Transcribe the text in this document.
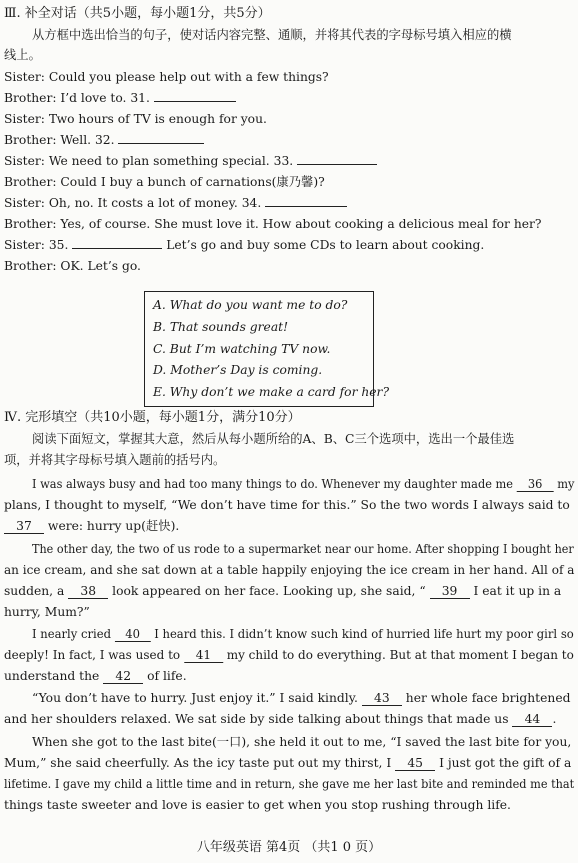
Ⅲ. 补全对话（共5小题，每小题1分，共5分）
从方框中选出恰当的句子，使对话内容完整、通顺，并将其代表的字母标号填入相应的横
线上。
Sister: Could you please help out with a few things?
Brother: I’d love to. 31.
Sister: Two hours of TV is enough for you.
Brother: Well. 32.
Sister: We need to plan something special. 33.
Brother: Could I buy a bunch of carnations(康乃馨)?
Sister: Oh, no. It costs a lot of money. 34.
Brother: Yes, of course. She must love it. How about cooking a delicious meal for her?
Sister: 35.	Let’s go and buy some CDs to learn about cooking.
Brother: OK. Let’s go.
A. What do you want me to do?
B. That sounds great!
C. But I’m watching TV now.
D. Mother’s Day is coming.
E. Why don’t we make a card for her?
Ⅳ. 完形填空（共10小题，每小题1分，满分10分）
阅读下面短文，掌握其大意，然后从每小题所给的A、B、C三个选项中，选出一个最佳选
项，并将其字母标号填入题前的括号内。
I was always busy and had too many things to do. Whenever my daughter made me 36 my
plans, I thought to myself, “We don’t have time for this.” So the two words I always said to
37 were: hurry up(赶快).
The other day, the two of us rode to a supermarket near our home. After shopping I bought her
an ice cream, and she sat down at a table happily enjoying the ice cream in her hand. All of a
sudden, a 38 look appeared on her face. Looking up, she said, “ 39 I eat it up in a
hurry, Mum?”
I nearly cried 40 I heard this. I didn’t know such kind of hurried life hurt my poor girl so
deeply! In fact, I was used to 41 my child to do everything. But at that moment I began to
understand the 42 of life.
“You don’t have to hurry. Just enjoy it.” I said kindly. 43 her whole face brightened
and her shoulders relaxed. We sat side by side talking about things that made us 44 .
When she got to the last bite(一口), she held it out to me, “I saved the last bite for you,
Mum,” she said cheerfully. As the icy taste put out my thirst, I 45 I just got the gift of a
lifetime. I gave my child a little time and in return, she gave me her last bite and reminded me that
things taste sweeter and love is easier to get when you stop rushing through life.
八年级英语 第4页 （共1 0 页）
